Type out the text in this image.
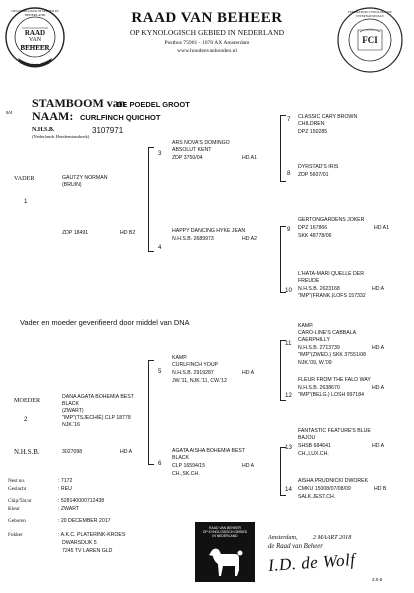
RAAD
VAN
BEHEER
1902
OP KYNOLOGISCH GEBIED IN NEDERLAND	RAAD VAN BEHEER
OP KYNOLOGISCH GEBIED IN NEDERLAND
Postbus 75901 - 1070 AX Amsterdam
www.houdenvanhonden.nl
FCI
FEDERATION CYNOLOGIQUE INTERNATIONALE
5/4
STAMBOOM van
DE POEDEL GROOT
NAAM: CURLFINCH QUICHOT
N.H.S.B.	3107971
(Nederlands Hondenstamboek)
VADER	GAUTZY NORMAN
(BRUIN)
1
ZDP 18491	HD B2
3
ARS NOVA'S DOMINGO
ABSOLUT KENT
ZDP 3750/04	HD A1
4
HAPPY DANCING HYKE JEAN
N.H.S.B. 2689973	HD A2
7 CLASSIC CARY BROWN
CHILDREN
DPZ 150285
8
DYRSTAD'S IRIS
ZDP 5607/01
9
GERTONGARDENS JOKER
DPZ 167866	HD A1
SKK 48778/06
10
L'HATA-MARI QUELLE DER
FREUDE
N.H.S.B. 2623168	HD A
"IMP"(FRANK.)LOFS 157332
Vader en moeder geverifieerd door middel van DNA
MOEDER	DANA AGATA BOHEMIA BEST
BLACK
(ZWART)
"IMP"(TSJECHIË) CLP 18778
NJK.'16
2
N.H.S.B.	3027098	HD A
5
KAMP.
CURLFINCH YOUP
N.H.S.B. 2919287	HD A
JW.'11, NJK.'11, CW.'12
6
AGATA AISHA BOHEMIA BEST
BLACK
CLP 16594/15	HD A
CH.,SK.CH.
11
KAMP.
CARO-LINE'S CABBALA
CAERPHILLY
N.H.S.B. 2713739	HD A
"IMP"(ZWED.) SKK 37551/08
NJK.'09, W.'09
12
FLEUR FROM THE FALO WAY
N.H.S.B. 2638670	HD A
"IMP"(BELG.) LOSH 997184
13
FANTASTIC FEATURE'S BLUE
BAJOU
SHSB 684641	HD A
CH.,LUX.CH.
14
AISHA PRUDNICKI DWOREK
CMKU 15008/07/08/09	HD B
SALK.JEST.CH.
Nest no.	: 7172
Geslacht	: REU
Chip/Tat.nr	: 528140000712438
Kleur	: ZWART
Geboren	: 20 DECEMBER 2017
Fokker	: A.K.C. PLATERINK-KROES
DWARSDIJK 5
7245 TV LAREN GLD
RAAD VAN BEHEER
OP KYNOLOGISCH GEBIED
IN NEDERLAND	Amsterdam,          2 MAART 2018
de Raad van Beheer
I.D. de Wolf
2.0.5
